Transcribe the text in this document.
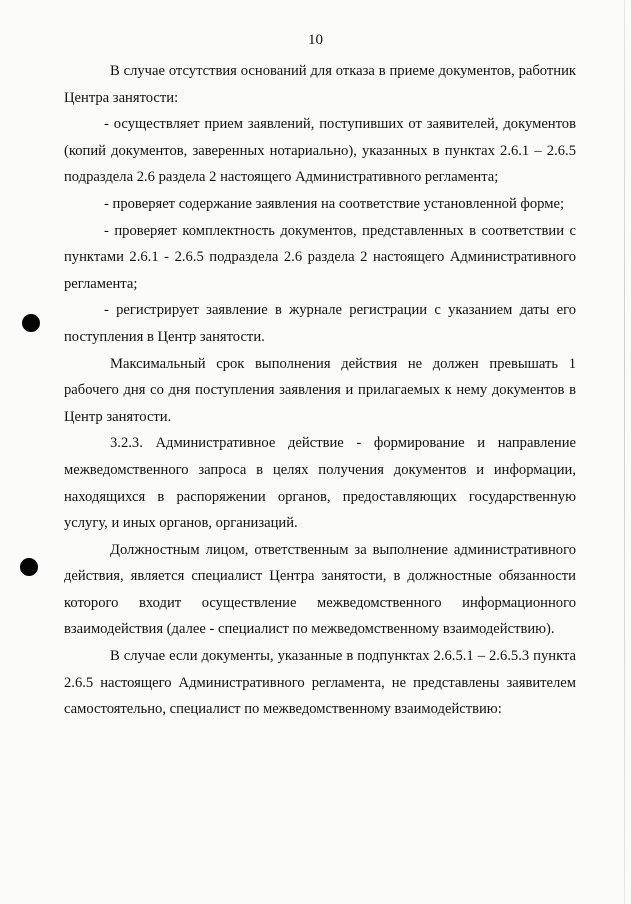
10

В случае отсутствия оснований для отказа в приеме документов, работник Центра занятости:

- осуществляет прием заявлений, поступивших от заявителей, документов (копий документов, заверенных нотариально), указанных в пунктах 2.6.1 – 2.6.5 подраздела 2.6 раздела 2 настоящего Административного регламента;

- проверяет содержание заявления на соответствие установленной форме;

- проверяет комплектность документов, представленных в соответствии с пунктами 2.6.1 - 2.6.5 подраздела 2.6 раздела 2 настоящего Административного регламента;

- регистрирует заявление в журнале регистрации с указанием даты его поступления в Центр занятости.

Максимальный срок выполнения действия не должен превышать 1 рабочего дня со дня поступления заявления и прилагаемых к нему документов в Центр занятости.

3.2.3. Административное действие - формирование и направление межведомственного запроса в целях получения документов и информации, находящихся в распоряжении органов, предоставляющих государственную услугу, и иных органов, организаций.

Должностным лицом, ответственным за выполнение административного действия, является специалист Центра занятости, в должностные обязанности которого входит осуществление межведомственного информационного взаимодействия (далее - специалист по межведомственному взаимодействию).

В случае если документы, указанные в подпунктах 2.6.5.1 – 2.6.5.3 пункта 2.6.5 настоящего Административного регламента, не представлены заявителем самостоятельно, специалист по межведомственному взаимодействию:
